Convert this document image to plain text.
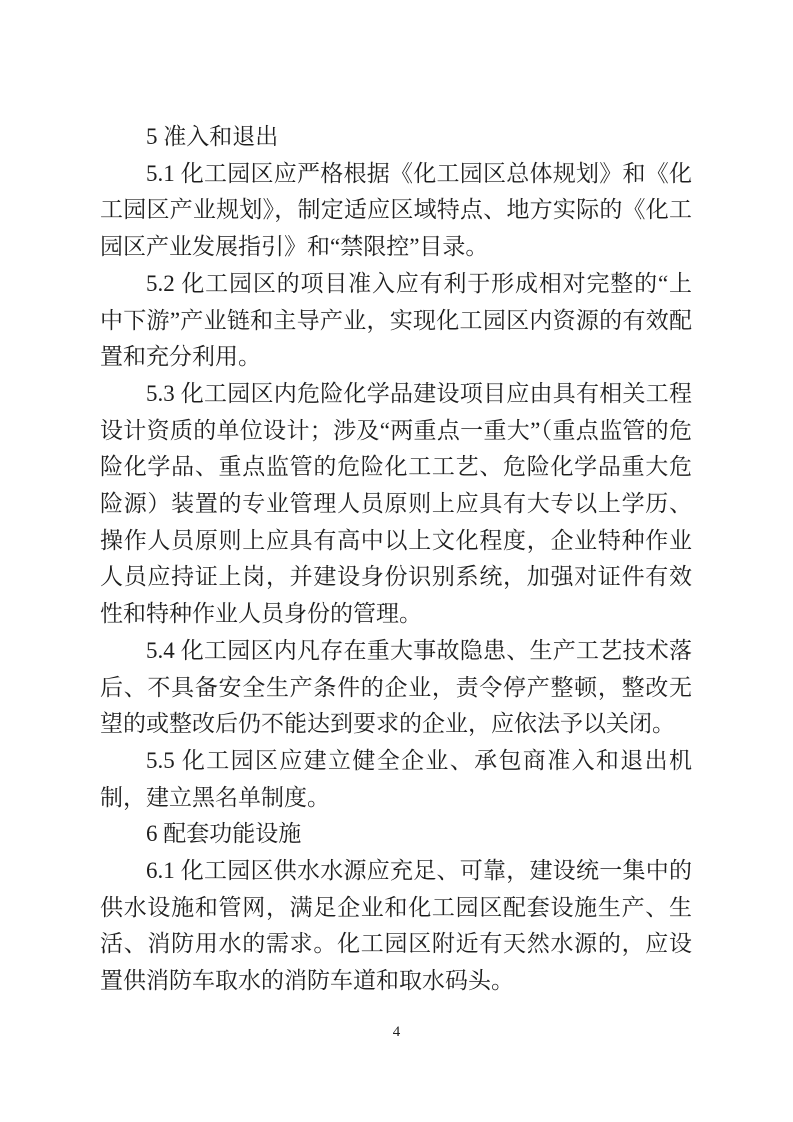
5 准入和退出

5.1 化工园区应严格根据《化工园区总体规划》和《化工园区产业规划》，制定适应区域特点、地方实际的《化工园区产业发展指引》和“禁限控”目录。

5.2 化工园区的项目准入应有利于形成相对完整的“上中下游”产业链和主导产业，实现化工园区内资源的有效配置和充分利用。

5.3 化工园区内危险化学品建设项目应由具有相关工程设计资质的单位设计；涉及“两重点一重大”（重点监管的危险化学品、重点监管的危险化工工艺、危险化学品重大危险源）装置的专业管理人员原则上应具有大专以上学历、操作人员原则上应具有高中以上文化程度，企业特种作业人员应持证上岗，并建设身份识别系统，加强对证件有效性和特种作业人员身份的管理。

5.4 化工园区内凡存在重大事故隐患、生产工艺技术落后、不具备安全生产条件的企业，责令停产整顿，整改无望的或整改后仍不能达到要求的企业，应依法予以关闭。

5.5 化工园区应建立健全企业、承包商准入和退出机制，建立黑名单制度。

6 配套功能设施

6.1 化工园区供水水源应充足、可靠，建设统一集中的供水设施和管网，满足企业和化工园区配套设施生产、生活、消防用水的需求。化工园区附近有天然水源的，应设置供消防车取水的消防车道和取水码头。

4
